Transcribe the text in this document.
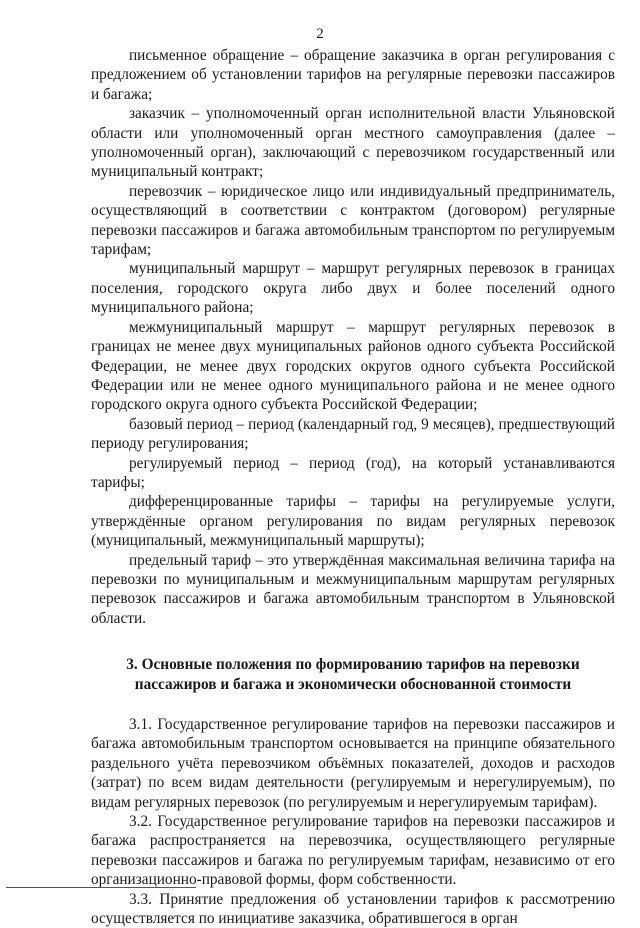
2

письменное обращение – обращение заказчика в орган регулирования с предложением об установлении тарифов на регулярные перевозки пассажиров и багажа;

заказчик – уполномоченный орган исполнительной власти Ульяновской области или уполномоченный орган местного самоуправления (далее – уполномоченный орган), заключающий с перевозчиком государственный или муниципальный контракт;

перевозчик – юридическое лицо или индивидуальный предприниматель, осуществляющий в соответствии с контрактом (договором) регулярные перевозки пассажиров и багажа автомобильным транспортом по регулируемым тарифам;

муниципальный маршрут – маршрут регулярных перевозок в границах поселения, городского округа либо двух и более поселений одного муниципального района;

межмуниципальный маршрут – маршрут регулярных перевозок в границах не менее двух муниципальных районов одного субъекта Российской Федерации, не менее двух городских округов одного субъекта Российской Федерации или не менее одного муниципального района и не менее одного городского округа одного субъекта Российской Федерации;

базовый период – период (календарный год, 9 месяцев), предшествующий периоду регулирования;

регулируемый период – период (год), на который устанавливаются тарифы;

дифференцированные тарифы – тарифы на регулируемые услуги, утверждённые органом регулирования по видам регулярных перевозок (муниципальный, межмуниципальный маршруты);

предельный тариф – это утверждённая максимальная величина тарифа на перевозки по муниципальным и межмуниципальным маршрутам регулярных перевозок пассажиров и багажа автомобильным транспортом в Ульяновской области.

3. Основные положения по формированию тарифов на перевозки
пассажиров и багажа и экономически обоснованной стоимости

3.1. Государственное регулирование тарифов на перевозки пассажиров и багажа автомобильным транспортом основывается на принципе обязательного раздельного учёта перевозчиком объёмных показателей, доходов и расходов (затрат) по всем видам деятельности (регулируемым и нерегулируемым), по видам регулярных перевозок (по регулируемым и нерегулируемым тарифам).

3.2. Государственное регулирование тарифов на перевозки пассажиров и багажа распространяется на перевозчика, осуществляющего регулярные перевозки пассажиров и багажа по регулируемым тарифам, независимо от его организационно-правовой формы, форм собственности.

3.3. Принятие предложения об установлении тарифов к рассмотрению осуществляется по инициативе заказчика, обратившегося в орган
